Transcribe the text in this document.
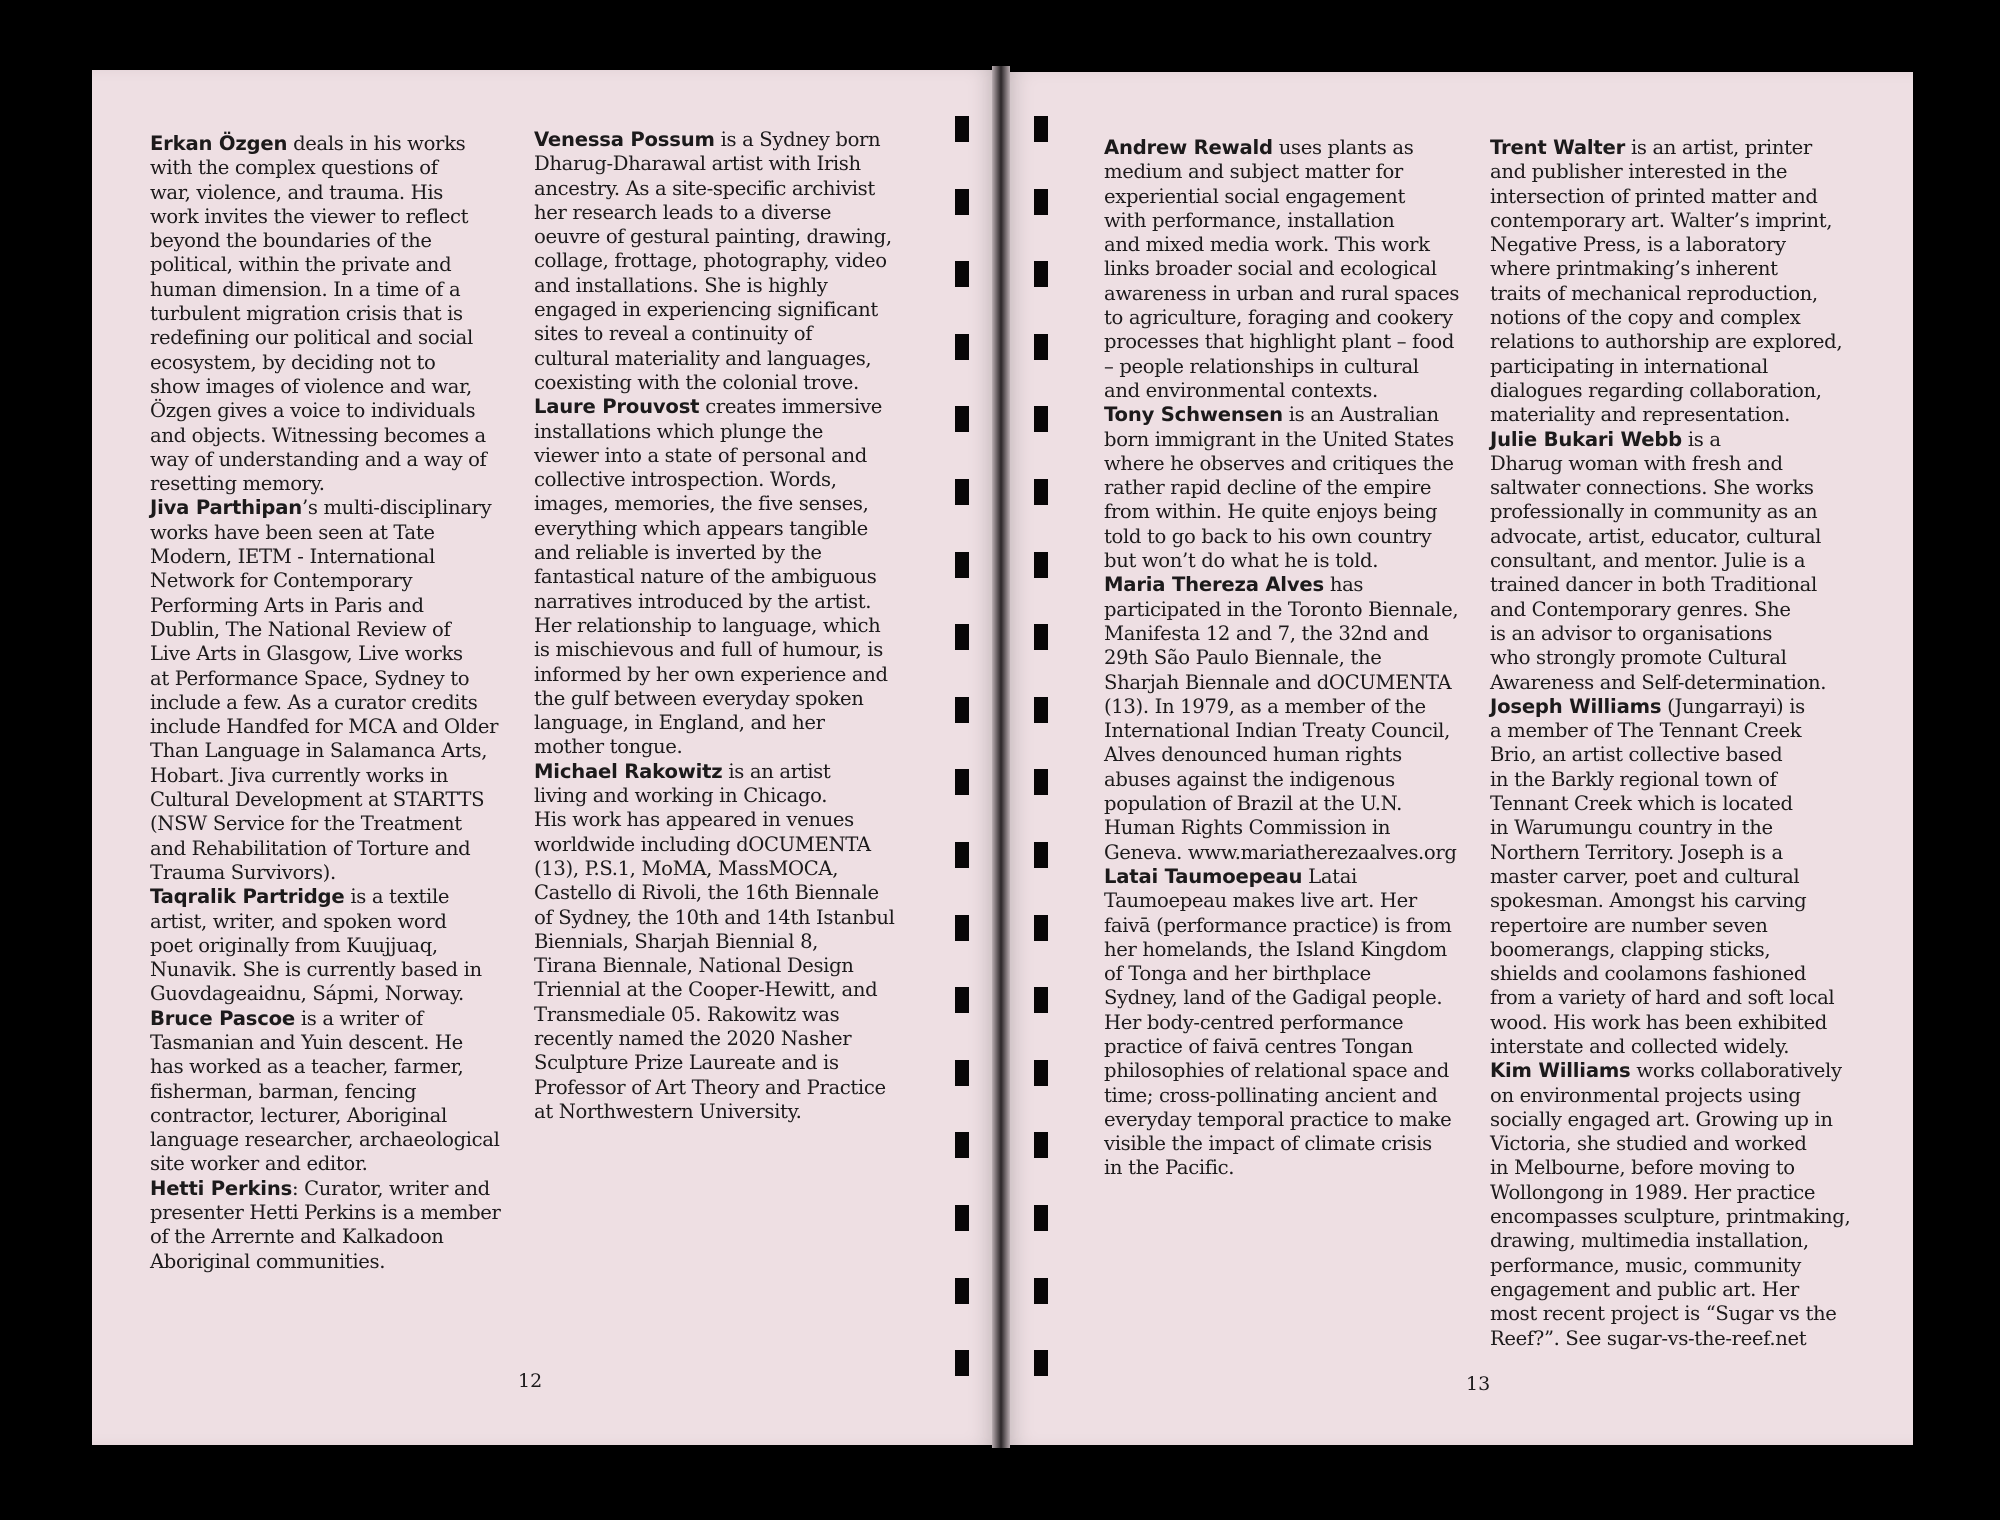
Erkan Özgen deals in his works
with the complex questions of
war, violence, and trauma. His
work invites the viewer to reflect
beyond the boundaries of the
political, within the private and
human dimension. In a time of a
turbulent migration crisis that is
redefining our political and social
ecosystem, by deciding not to
show images of violence and war,
Özgen gives a voice to individuals
and objects. Witnessing becomes a
way of understanding and a way of
resetting memory.
Jiva Parthipan’s multi-disciplinary
works have been seen at Tate
Modern, IETM - International
Network for Contemporary
Performing Arts in Paris and
Dublin, The National Review of
Live Arts in Glasgow, Live works
at Performance Space, Sydney to
include a few. As a curator credits
include Handfed for MCA and Older
Than Language in Salamanca Arts,
Hobart. Jiva currently works in
Cultural Development at STARTTS
(NSW Service for the Treatment
and Rehabilitation of Torture and
Trauma Survivors).
Taqralik Partridge is a textile
artist, writer, and spoken word
poet originally from Kuujjuaq,
Nunavik. She is currently based in
Guovdageaidnu, Sápmi, Norway.
Bruce Pascoe is a writer of
Tasmanian and Yuin descent. He
has worked as a teacher, farmer,
fisherman, barman, fencing
contractor, lecturer, Aboriginal
language researcher, archaeological
site worker and editor.
Hetti Perkins: Curator, writer and
presenter Hetti Perkins is a member
of the Arrernte and Kalkadoon
Aboriginal communities.
Venessa Possum is a Sydney born
Dharug-Dharawal artist with Irish
ancestry. As a site-specific archivist
her research leads to a diverse
oeuvre of gestural painting, drawing,
collage, frottage, photography, video
and installations. She is highly
engaged in experiencing significant
sites to reveal a continuity of
cultural materiality and languages,
coexisting with the colonial trove.
Laure Prouvost creates immersive
installations which plunge the
viewer into a state of personal and
collective introspection. Words,
images, memories, the five senses,
everything which appears tangible
and reliable is inverted by the
fantastical nature of the ambiguous
narratives introduced by the artist.
Her relationship to language, which
is mischievous and full of humour, is
informed by her own experience and
the gulf between everyday spoken
language, in England, and her
mother tongue.
Michael Rakowitz is an artist
living and working in Chicago.
His work has appeared in venues
worldwide including dOCUMENTA
(13), P.S.1, MoMA, MassMOCA,
Castello di Rivoli, the 16th Biennale
of Sydney, the 10th and 14th Istanbul
Biennials, Sharjah Biennial 8,
Tirana Biennale, National Design
Triennial at the Cooper-Hewitt, and
Transmediale 05. Rakowitz was
recently named the 2020 Nasher
Sculpture Prize Laureate and is
Professor of Art Theory and Practice
at Northwestern University.
Andrew Rewald uses plants as
medium and subject matter for
experiential social engagement
with performance, installation
and mixed media work. This work
links broader social and ecological
awareness in urban and rural spaces
to agriculture, foraging and cookery
processes that highlight plant – food
– people relationships in cultural
and environmental contexts.
Tony Schwensen is an Australian
born immigrant in the United States
where he observes and critiques the
rather rapid decline of the empire
from within. He quite enjoys being
told to go back to his own country
but won’t do what he is told.
Maria Thereza Alves has
participated in the Toronto Biennale,
Manifesta 12 and 7, the 32nd and
29th São Paulo Biennale, the
Sharjah Biennale and dOCUMENTA
(13). In 1979, as a member of the
International Indian Treaty Council,
Alves denounced human rights
abuses against the indigenous
population of Brazil at the U.N.
Human Rights Commission in
Geneva. www.mariatherezaalves.org
Latai Taumoepeau Latai
Taumoepeau makes live art. Her
faivā (performance practice) is from
her homelands, the Island Kingdom
of Tonga and her birthplace
Sydney, land of the Gadigal people.
Her body-centred performance
practice of faivā centres Tongan
philosophies of relational space and
time; cross-pollinating ancient and
everyday temporal practice to make
visible the impact of climate crisis
in the Pacific.
Trent Walter is an artist, printer
and publisher interested in the
intersection of printed matter and
contemporary art. Walter’s imprint,
Negative Press, is a laboratory
where printmaking’s inherent
traits of mechanical reproduction,
notions of the copy and complex
relations to authorship are explored,
participating in international
dialogues regarding collaboration,
materiality and representation.
Julie Bukari Webb is a
Dharug woman with fresh and
saltwater connections. She works
professionally in community as an
advocate, artist, educator, cultural
consultant, and mentor. Julie is a
trained dancer in both Traditional
and Contemporary genres. She
is an advisor to organisations
who strongly promote Cultural
Awareness and Self-determination.
Joseph Williams (Jungarrayi) is
a member of The Tennant Creek
Brio, an artist collective based
in the Barkly regional town of
Tennant Creek which is located
in Warumungu country in the
Northern Territory. Joseph is a
master carver, poet and cultural
spokesman. Amongst his carving
repertoire are number seven
boomerangs, clapping sticks,
shields and coolamons fashioned
from a variety of hard and soft local
wood. His work has been exhibited
interstate and collected widely.
Kim Williams works collaboratively
on environmental projects using
socially engaged art. Growing up in
Victoria, she studied and worked
in Melbourne, before moving to
Wollongong in 1989. Her practice
encompasses sculpture, printmaking,
drawing, multimedia installation,
performance, music, community
engagement and public art. Her
most recent project is “Sugar vs the
Reef?”. See sugar-vs-the-reef.net
12	13
